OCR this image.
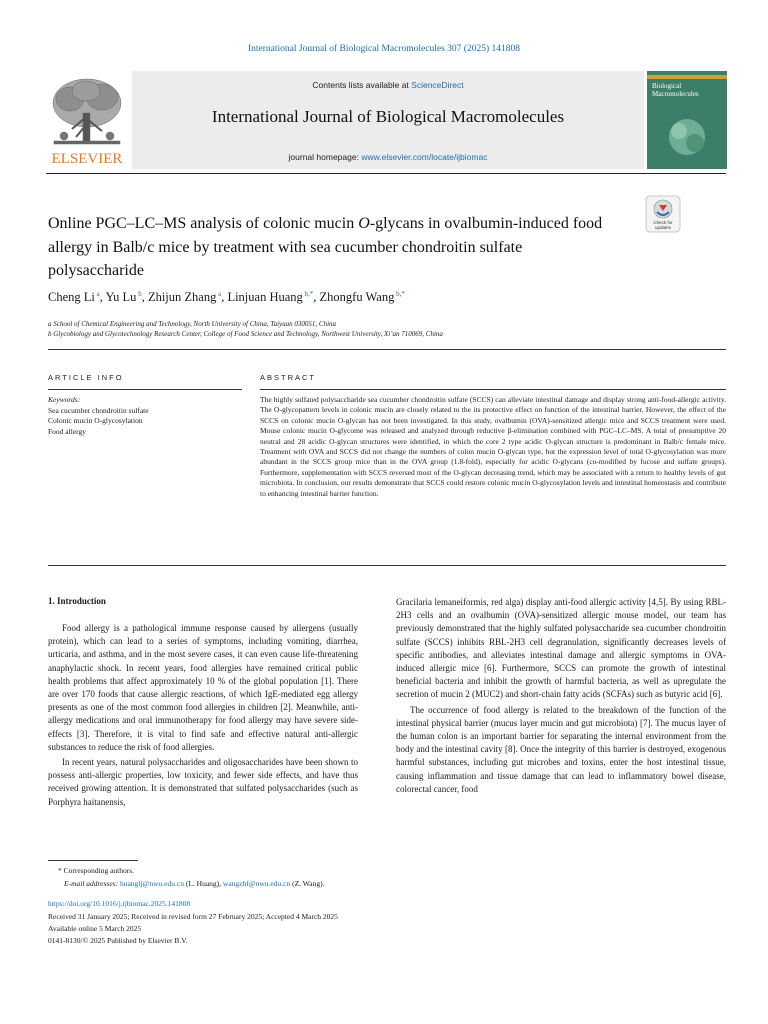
International Journal of Biological Macromolecules 307 (2025) 141808
ELSEVIER
Contents lists available at ScienceDirect
International Journal of Biological Macromolecules
journal homepage: www.elsevier.com/locate/ijbiomac
Biological
Macromolecules
Online PGC–LC–MS analysis of colonic mucin O-glycans in ovalbumin-induced food allergy in Balb/c mice by treatment with sea cucumber chondroitin sulfate polysaccharide
Check for updates
Cheng Li $^a$, Yu Lu $^b$, Zhijun Zhang $^a$, Linjuan Huang $^{b,*}$, Zhongfu Wang $^{b,*}$
a School of Chemical Engineering and Technology, North University of China, Taiyuan 030051, China
b Glycobiology and Glycotechnology Research Center, College of Food Science and Technology, Northwest University, Xi’an 710069, China
ARTICLE INFO	ABSTRACT
Keywords:
Sea cucumber chondroitin sulfate
Colonic mucin O-glycosylation
Food allergy
The highly sulfated polysaccharide sea cucumber chondroitin sulfate (SCCS) can alleviate intestinal damage and display strong anti-food-allergic activity. The O-glycopattern levels in colonic mucin are closely related to the its protective effect on function of the intestinal barrier. However, the effect of the SCCS on colonic mucin O-glycan has not been investigated. In this study, ovalbumin (OVA)-sensitized allergic mice and SCCS treatment were used. Mouse colonic mucin O-glycome was released and analyzed through reductive β-elimination combined with PGC–LC–MS. A total of presumptive 20 neutral and 28 acidic O-glycan structures were identified, in which the core 2 type acidic O-glycan structure is predominant in Balb/c female mice. Treatment with OVA and SCCS did not change the numbers of colon mucin O-glycan type, but the expression level of total O-glycosylation was more abundant in the SCCS group mice than in the OVA group (1.8-fold), especially for acidic O-glycans (co-modified by fucose and sulfate groups). Furthermore, supplementation with SCCS reversed most of the O-glycan decreasing trend, which may be associated with a return to healthy levels of gut microbiota. In conclusion, our results demonstrate that SCCS could restore colonic mucin O-glycosylation levels and intestinal homeostasis and contribute to enhancing intestinal barrier function.
1. Introduction

Food allergy is a pathological immune response caused by allergens (usually protein), which can lead to a series of symptoms, including vomiting, diarrhea, urticaria, and asthma, and in the most severe cases, it can even cause life-threatening anaphylactic shock. In recent years, food allergies have remained critical public health problems that affect approximately 10 % of the global population [1]. There are over 170 foods that cause allergic reactions, of which IgE-mediated egg allergy presents as one of the most common food allergies in children [2]. Meanwhile, anti-allergy medications and oral immunotherapy for food allergy may have severe side-effects [3]. Therefore, it is vital to find safe and effective natural anti-allergic substances to reduce the risk of food allergies.

In recent years, natural polysaccharides and oligosaccharides have been shown to possess anti-allergic properties, low toxicity, and fewer side effects, and have thus received growing attention. It is demonstrated that sulfated polysaccharides (such as Porphyra haitanensis,

Gracilaria lemaneiformis, red alga) display anti-food allergic activity [4,5]. By using RBL-2H3 cells and an ovalbumin (OVA)-sensitized allergic mouse model, our team has previously demonstrated that the highly sulfated polysaccharide sea cucumber chondroitin sulfate (SCCS) inhibits RBL-2H3 cell degranulation, significantly decreases levels of specific antibodies, and alleviates intestinal damage and allergic symptoms in OVA-induced allergic mice [6]. Furthermore, SCCS can promote the growth of intestinal beneficial bacteria and inhibit the growth of harmful bacteria, as well as upregulate the secretion of mucin 2 (MUC2) and short-chain fatty acids (SCFAs) such as butyric acid [6].

The occurrence of food allergy is related to the breakdown of the function of the intestinal physical barrier (mucus layer mucin and gut microbiota) [7]. The mucus layer of the human colon is an important barrier for separating the internal environment from the body and the intestinal cavity [8]. Once the integrity of this barrier is destroyed, exogenous harmful substances, including gut microbes and toxins, enter the host intestinal tissue, causing inflammation and tissue damage that can lead to inflammatory bowel disease, colorectal cancer, food

* Corresponding authors.
E-mail addresses: huanglj@nwu.edu.cn (L. Huang), wangzhf@nwu.edu.cn (Z. Wang).
https://doi.org/10.1016/j.ijbiomac.2025.141808
Received 31 January 2025; Received in revised form 27 February 2025; Accepted 4 March 2025
Available online 5 March 2025
0141-8130/© 2025 Published by Elsevier B.V.
